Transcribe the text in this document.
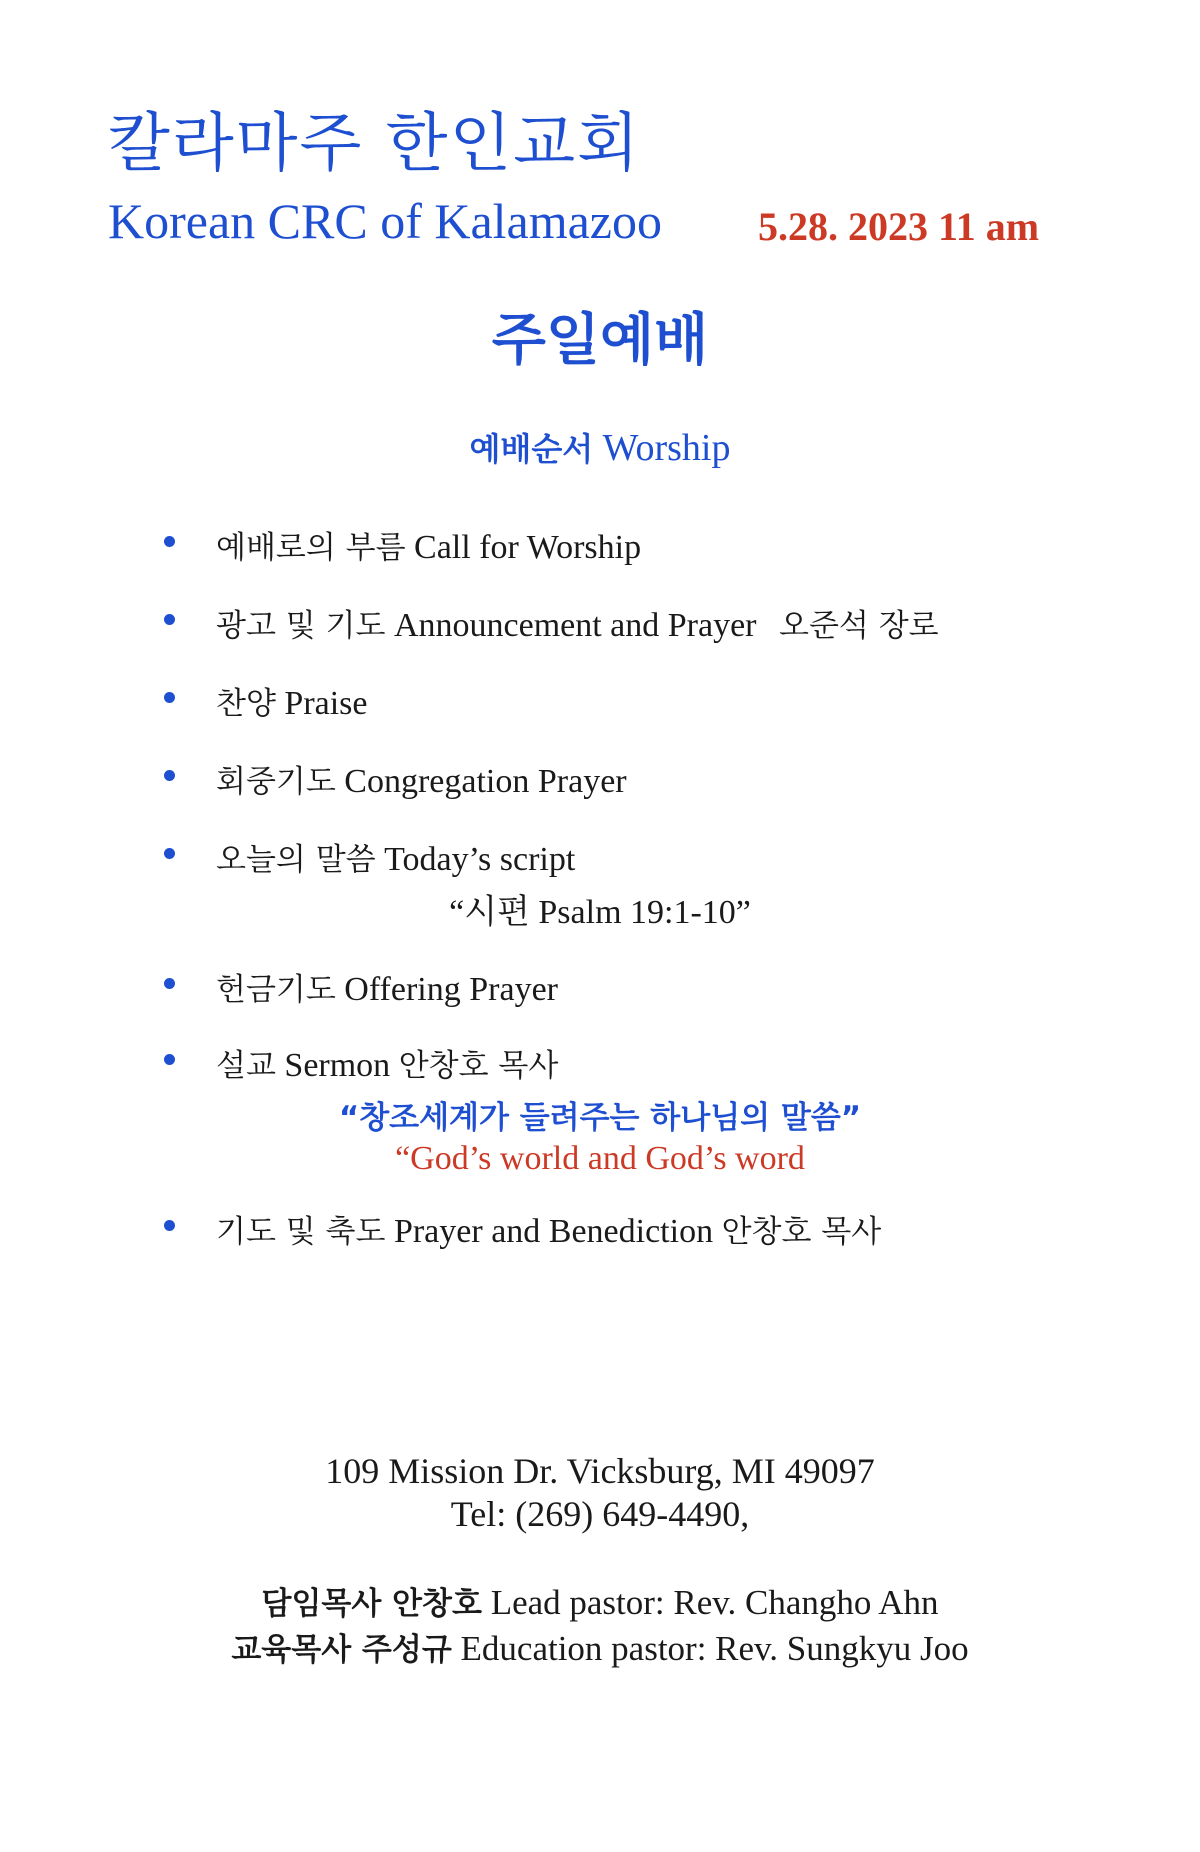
칼라마주 한인교회
Korean CRC of Kalamazoo 5.28. 2023 11 am
주일예배
예배순서 Worship
예배로의 부름 Call for Worship
광고 및 기도 Announcement and Prayer 오준석 장로
찬양 Praise
회중기도 Congregation Prayer
오늘의 말씀 Today’s script
“시편 Psalm 19:1-10”
헌금기도 Offering Prayer
설교 Sermon 안창호 목사
“창조세계가 들려주는 하나님의 말씀”
“God’s world and God’s word
기도 및 축도 Prayer and Benediction 안창호 목사
109 Mission Dr. Vicksburg, MI 49097
Tel: (269) 649-4490,
담임목사 안창호 Lead pastor: Rev. Changho Ahn
교육목사 주성규 Education pastor: Rev. Sungkyu Joo
